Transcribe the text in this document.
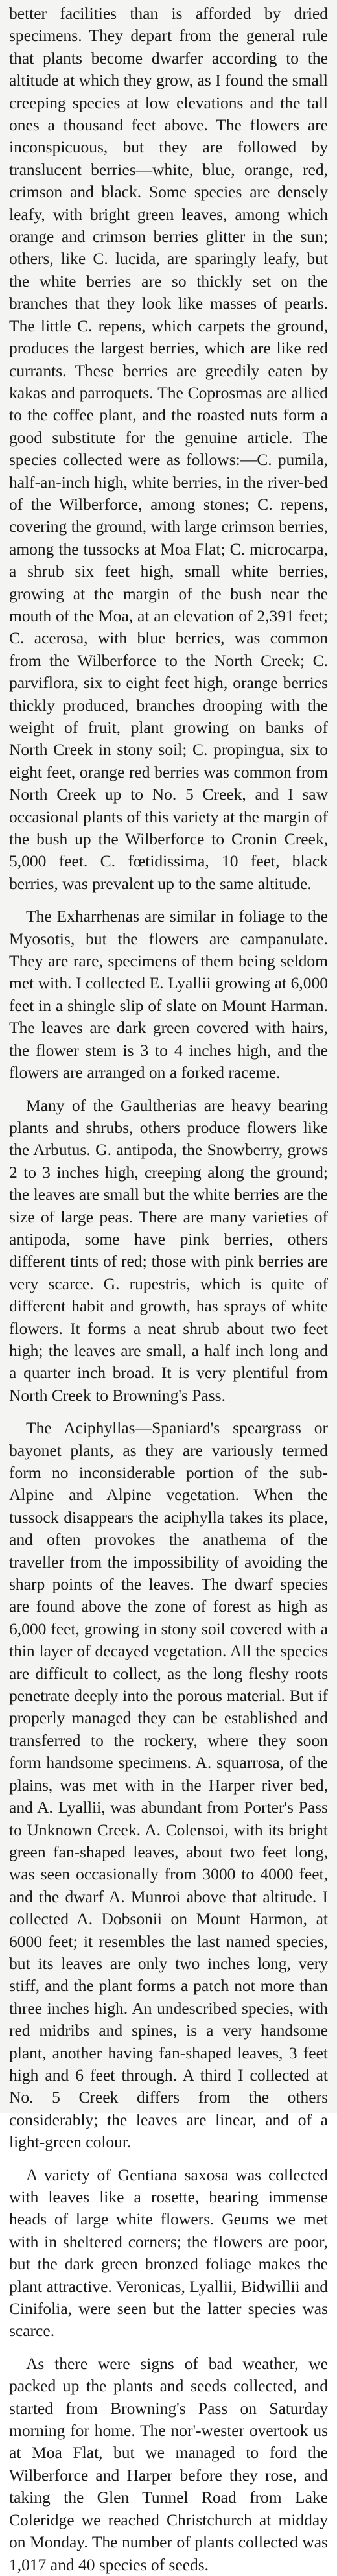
better facilities than is afforded by dried specimens. They depart from the general rule that plants become dwarfer according to the altitude at which they grow, as I found the small creeping species at low elevations and the tall ones a thousand feet above. The flowers are inconspicuous, but they are followed by translucent berries—white, blue, orange, red, crimson and black. Some species are densely leafy, with bright green leaves, among which orange and crimson berries glitter in the sun; others, like C. lucida, are sparingly leafy, but the white berries are so thickly set on the branches that they look like masses of pearls. The little C. repens, which carpets the ground, produces the largest berries, which are like red currants. These berries are greedily eaten by kakas and parroquets. The Coprosmas are allied to the coffee plant, and the roasted nuts form a good substitute for the genuine article. The species collected were as follows:—C. pumila, half-an-inch high, white berries, in the river-bed of the Wilberforce, among stones; C. repens, covering the ground, with large crimson berries, among the tussocks at Moa Flat; C. microcarpa, a shrub six feet high, small white berries, growing at the margin of the bush near the mouth of the Moa, at an elevation of 2,391 feet; C. acerosa, with blue berries, was common from the Wilberforce to the North Creek; C. parviflora, six to eight feet high, orange berries thickly produced, branches drooping with the weight of fruit, plant growing on banks of North Creek in stony soil; C. propingua, six to eight feet, orange red berries was common from North Creek up to No. 5 Creek, and I saw occasional plants of this variety at the margin of the bush up the Wilberforce to Cronin Creek, 5,000 feet. C. fœtidissima, 10 feet, black berries, was prevalent up to the same altitude.

The Exharrhenas are similar in foliage to the Myosotis, but the flowers are campanulate. They are rare, specimens of them being seldom met with. I collected E. Lyallii growing at 6,000 feet in a shingle slip of slate on Mount Harman. The leaves are dark green covered with hairs, the flower stem is 3 to 4 inches high, and the flowers are arranged on a forked raceme.

Many of the Gaultherias are heavy bearing plants and shrubs, others produce flowers like the Arbutus. G. antipoda, the Snowberry, grows 2 to 3 inches high, creeping along the ground; the leaves are small but the white berries are the size of large peas. There are many varieties of antipoda, some have pink berries, others different tints of red; those with pink berries are very scarce. G. rupestris, which is quite of different habit and growth, has sprays of white flowers. It forms a neat shrub about two feet high; the leaves are small, a half inch long and a quarter inch broad. It is very plentiful from North Creek to Browning's Pass.

The Aciphyllas—Spaniard's speargrass or bayonet plants, as they are variously termed form no inconsiderable portion of the sub-Alpine and Alpine vegetation. When the tussock disappears the aciphylla takes its place, and often provokes the anathema of the traveller from the impossibility of avoiding the sharp points of the leaves. The dwarf species are found above the zone of forest as high as 6,000 feet, growing in stony soil covered with a thin layer of decayed vegetation. All the species are difficult to collect, as the long fleshy roots penetrate deeply into the porous material. But if properly managed they can be established and transferred to the rockery, where they soon form handsome specimens. A. squarrosa, of the plains, was met with in the Harper river bed, and A. Lyallii, was abundant from Porter's Pass to Unknown Creek. A. Colensoi, with its bright green fan-shaped leaves, about two feet long, was seen occasionally from 3000 to 4000 feet, and the dwarf A. Munroi above that altitude. I collected A. Dobsonii on Mount Harmon, at 6000 feet; it resembles the last named species, but its leaves are only two inches long, very stiff, and the plant forms a patch not more than three inches high. An undescribed species, with red midribs and spines, is a very handsome plant, another having fan-shaped leaves, 3 feet high and 6 feet through. A third I collected at No. 5 Creek differs from the others considerably; the leaves are linear, and of a light-green colour.

A variety of Gentiana saxosa was collected with leaves like a rosette, bearing immense heads of large white flowers. Geums we met with in sheltered corners; the flowers are poor, but the dark green bronzed foliage makes the plant attractive. Veronicas, Lyallii, Bidwillii and Cinifolia, were seen but the latter species was scarce.

As there were signs of bad weather, we packed up the plants and seeds collected, and started from Browning's Pass on Saturday morning for home. The nor'-wester overtook us at Moa Flat, but we managed to ford the Wilberforce and Harper before they rose, and taking the Glen Tunnel Road from Lake Coleridge we reached Christchurch at midday on Monday. The number of plants collected was 1,017 and 40 species of seeds.
